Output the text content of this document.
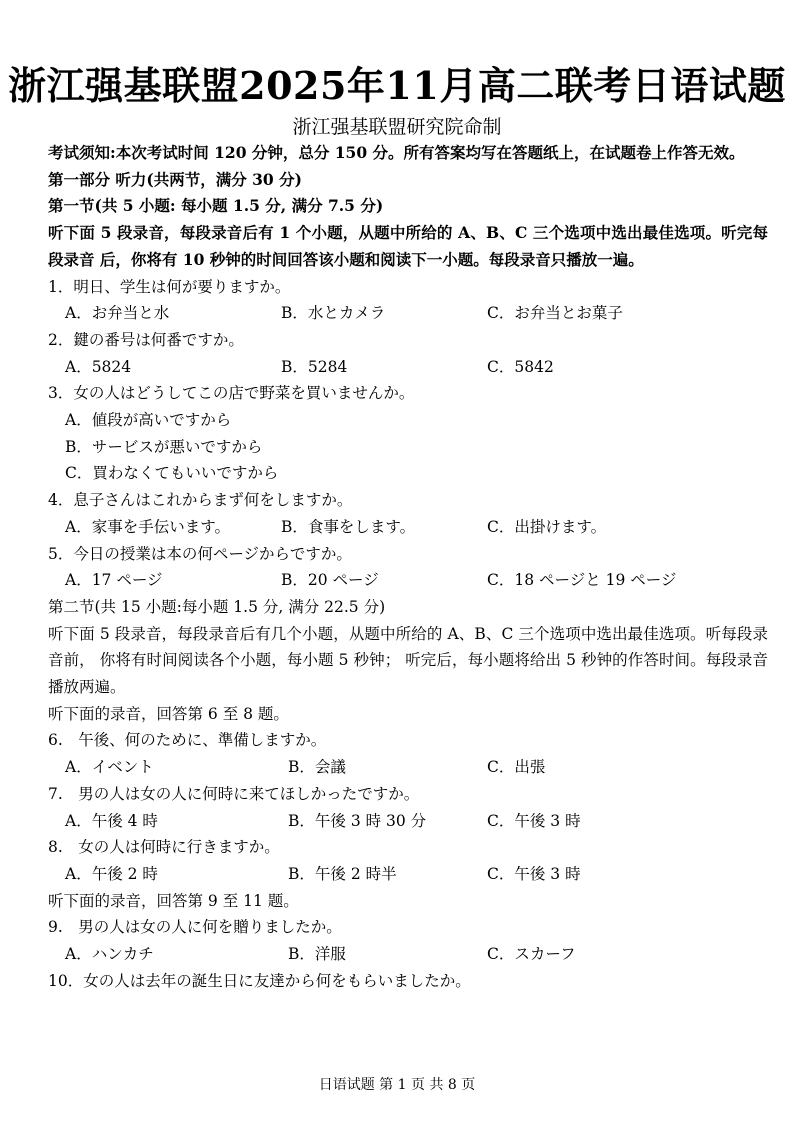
浙江强基联盟2025年11月高二联考日语试题
浙江强基联盟研究院命制
考试须知:本次考试时间 120 分钟，总分 150 分。所有答案均写在答题纸上，在试题卷上作答无效。
第一部分 听力(共两节，满分 30 分)
第一节(共 5 小题: 每小题 1.5 分, 满分 7.5 分)
听下面 5 段录音，每段录音后有 1 个小题，从题中所给的 A、B、C 三个选项中选出最佳选项。听完每段录音 后，你将有 10 秒钟的时间回答该小题和阅读下一小题。每段录音只播放一遍。
1．明日、学生は何が要りますか。
A．お弁当と水	B．水とカメラ	C．お弁当とお菓子
2．鍵の番号は何番ですか。
A．5824	B．5284	C．5842
3．女の人はどうしてこの店で野菜を買いませんか。
A．値段が高いですから
B．サービスが悪いですから
C．買わなくてもいいですから
4．息子さんはこれからまず何をしますか。
A．家事を手伝います。	B．食事をします。	C．出掛けます。
5．今日の授業は本の何ページからですか。
A．17 ページ	B．20 ページ	C．18 ページと 19 ページ
第二节(共 15 小题:每小题 1.5 分, 满分 22.5 分)
听下面 5 段录音，每段录音后有几个小题，从题中所给的 A、B、C 三个选项中选出最佳选项。听每段录音前， 你将有时间阅读各个小题，每小题 5 秒钟； 听完后，每小题将给出 5 秒钟的作答时间。每段录音播放两遍。
听下面的录音，回答第 6 至 8 题。
6.　午後、何のために、準備しますか。
A．イベント	B．会議	C．出張
7.　男の人は女の人に何時に来てほしかったですか。
A．午後 4 時	B．午後 3 時 30 分	C．午後 3 時
8.　女の人は何時に行きますか。
A．午後 2 時	B．午後 2 時半	C．午後 3 時
听下面的录音，回答第 9 至 11 题。
9.　男の人は女の人に何を贈りましたか。
A．ハンカチ	B．洋服	C．スカーフ
10．女の人は去年の誕生日に友達から何をもらいましたか。
日语试题 第 1 页 共 8 页
